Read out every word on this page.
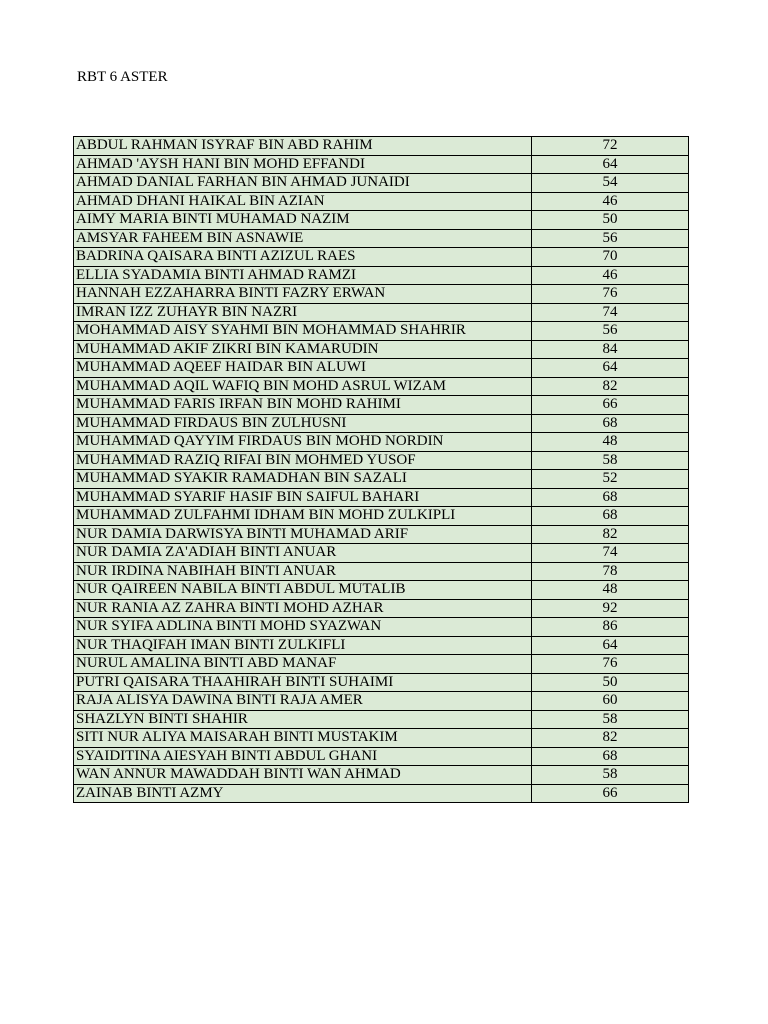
RBT 6 ASTER
ABDUL RAHMAN ISYRAF BIN ABD RAHIM	72
AHMAD 'AYSH HANI BIN MOHD EFFANDI	64
AHMAD DANIAL FARHAN BIN AHMAD JUNAIDI	54
AHMAD DHANI HAIKAL BIN AZIAN	46
AIMY MARIA BINTI MUHAMAD NAZIM	50
AMSYAR FAHEEM BIN ASNAWIE	56
BADRINA QAISARA BINTI AZIZUL RAES	70
ELLIA SYADAMIA BINTI AHMAD RAMZI	46
HANNAH EZZAHARRA BINTI FAZRY ERWAN	76
IMRAN IZZ ZUHAYR BIN NAZRI	74
MOHAMMAD AISY SYAHMI BIN MOHAMMAD SHAHRIR	56
MUHAMMAD AKIF ZIKRI BIN KAMARUDIN	84
MUHAMMAD AQEEF HAIDAR BIN ALUWI	64
MUHAMMAD AQIL WAFIQ BIN MOHD ASRUL WIZAM	82
MUHAMMAD FARIS IRFAN BIN MOHD RAHIMI	66
MUHAMMAD FIRDAUS BIN ZULHUSNI	68
MUHAMMAD QAYYIM FIRDAUS BIN MOHD NORDIN	48
MUHAMMAD RAZIQ RIFAI BIN MOHMED YUSOF	58
MUHAMMAD SYAKIR RAMADHAN BIN SAZALI	52
MUHAMMAD SYARIF HASIF BIN SAIFUL BAHARI	68
MUHAMMAD ZULFAHMI IDHAM BIN MOHD ZULKIPLI	68
NUR DAMIA DARWISYA BINTI MUHAMAD ARIF	82
NUR DAMIA ZA'ADIAH BINTI ANUAR	74
NUR IRDINA NABIHAH BINTI ANUAR	78
NUR QAIREEN NABILA BINTI ABDUL MUTALIB	48
NUR RANIA AZ ZAHRA BINTI MOHD AZHAR	92
NUR SYIFA ADLINA BINTI MOHD SYAZWAN	86
NUR THAQIFAH IMAN BINTI ZULKIFLI	64
NURUL AMALINA BINTI ABD MANAF	76
PUTRI QAISARA THAAHIRAH BINTI SUHAIMI	50
RAJA ALISYA DAWINA BINTI RAJA AMER	60
SHAZLYN BINTI SHAHIR	58
SITI NUR ALIYA MAISARAH BINTI MUSTAKIM	82
SYAIDITINA AIESYAH BINTI ABDUL GHANI	68
WAN ANNUR MAWADDAH BINTI WAN AHMAD	58
ZAINAB BINTI AZMY	66
